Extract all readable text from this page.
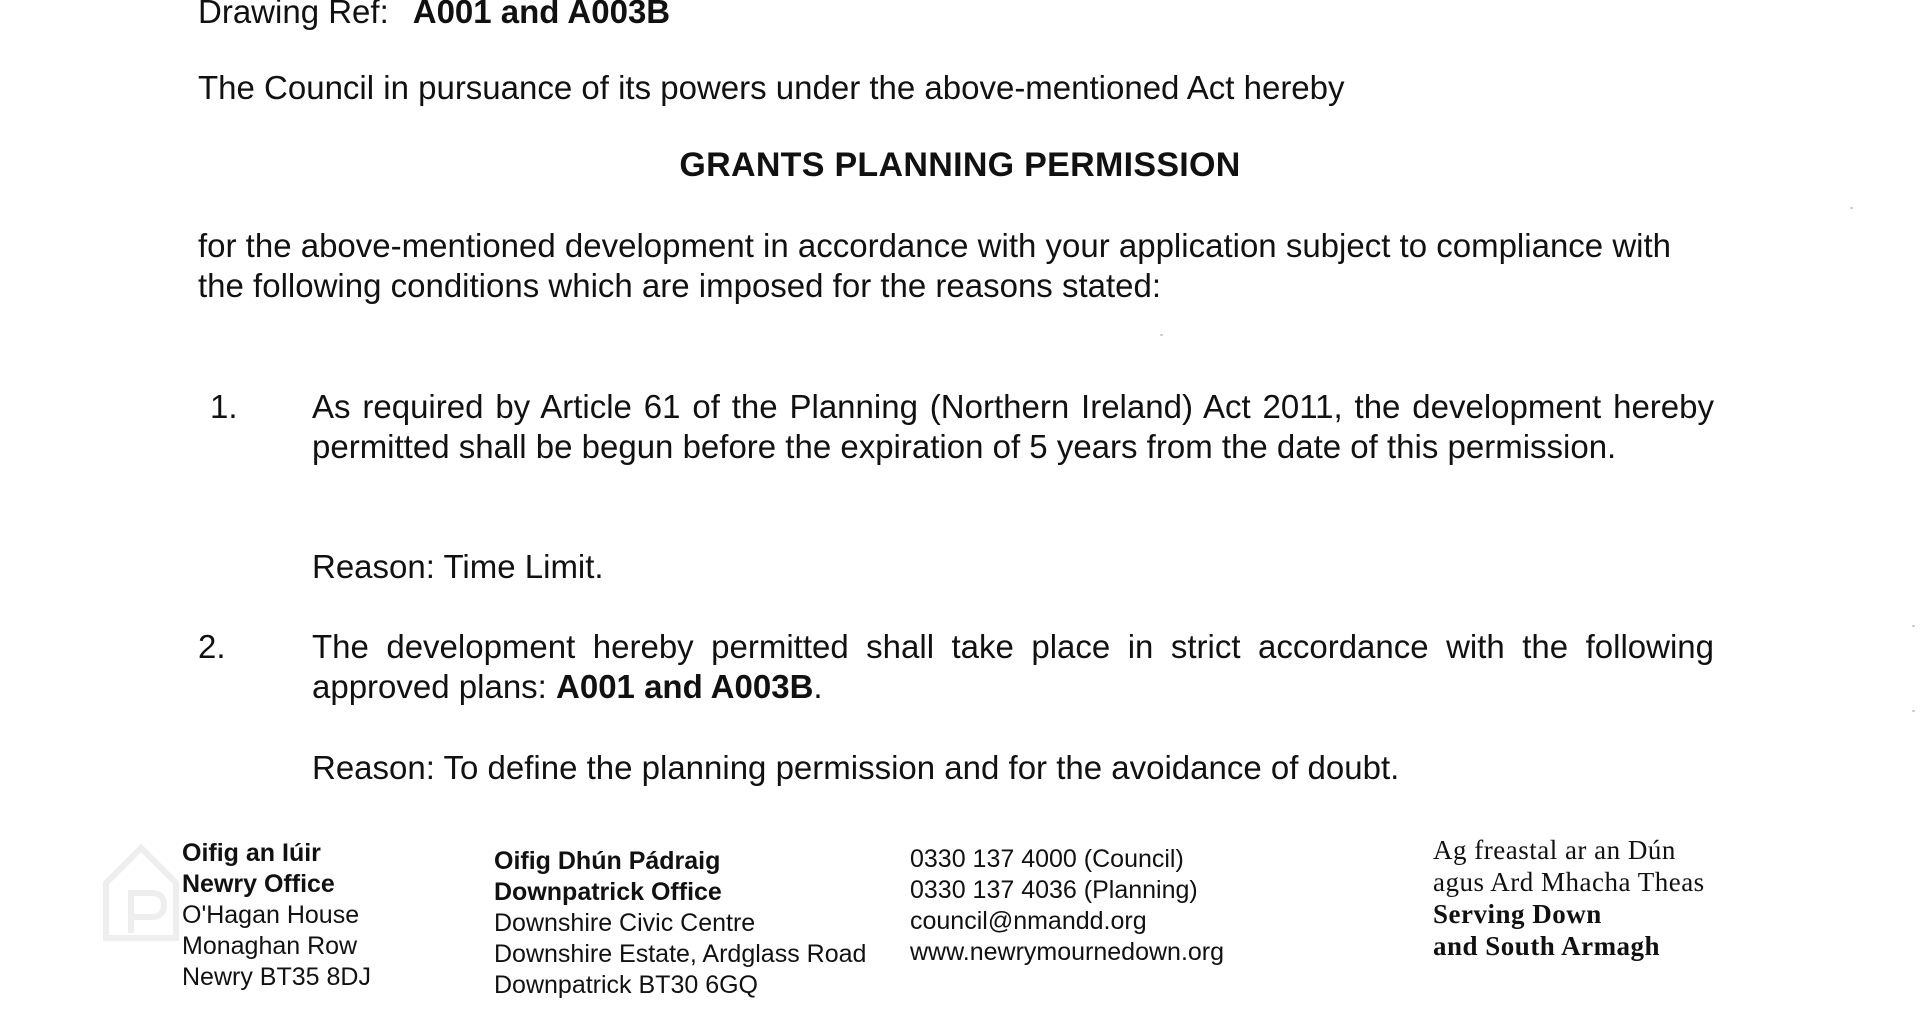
Drawing Ref: A001 and A003B
The Council in pursuance of its powers under the above-mentioned Act hereby
GRANTS PLANNING PERMISSION
for the above-mentioned development in accordance with your application subject to compliance with the following conditions which are imposed for the reasons stated:
1. As required by Article 61 of the Planning (Northern Ireland) Act 2011, the development hereby permitted shall be begun before the expiration of 5 years from the date of this permission.
Reason: Time Limit.
2.	The development hereby permitted shall take place in strict accordance with the following approved plans: A001 and A003B.
Reason: To define the planning permission and for the avoidance of doubt.
Oifig an Iúir
Newry Office
O'Hagan House
Monaghan Row
Newry BT35 8DJ
Oifig Dhún Pádraig
Downpatrick Office
Downshire Civic Centre
Downshire Estate, Ardglass Road
Downpatrick BT30 6GQ
0330 137 4000 (Council)
0330 137 4036 (Planning)
council@nmandd.org
www.newrymournedown.org
Ag freastal ar an Dún
agus Ard Mhacha Theas
Serving Down
and South Armagh
